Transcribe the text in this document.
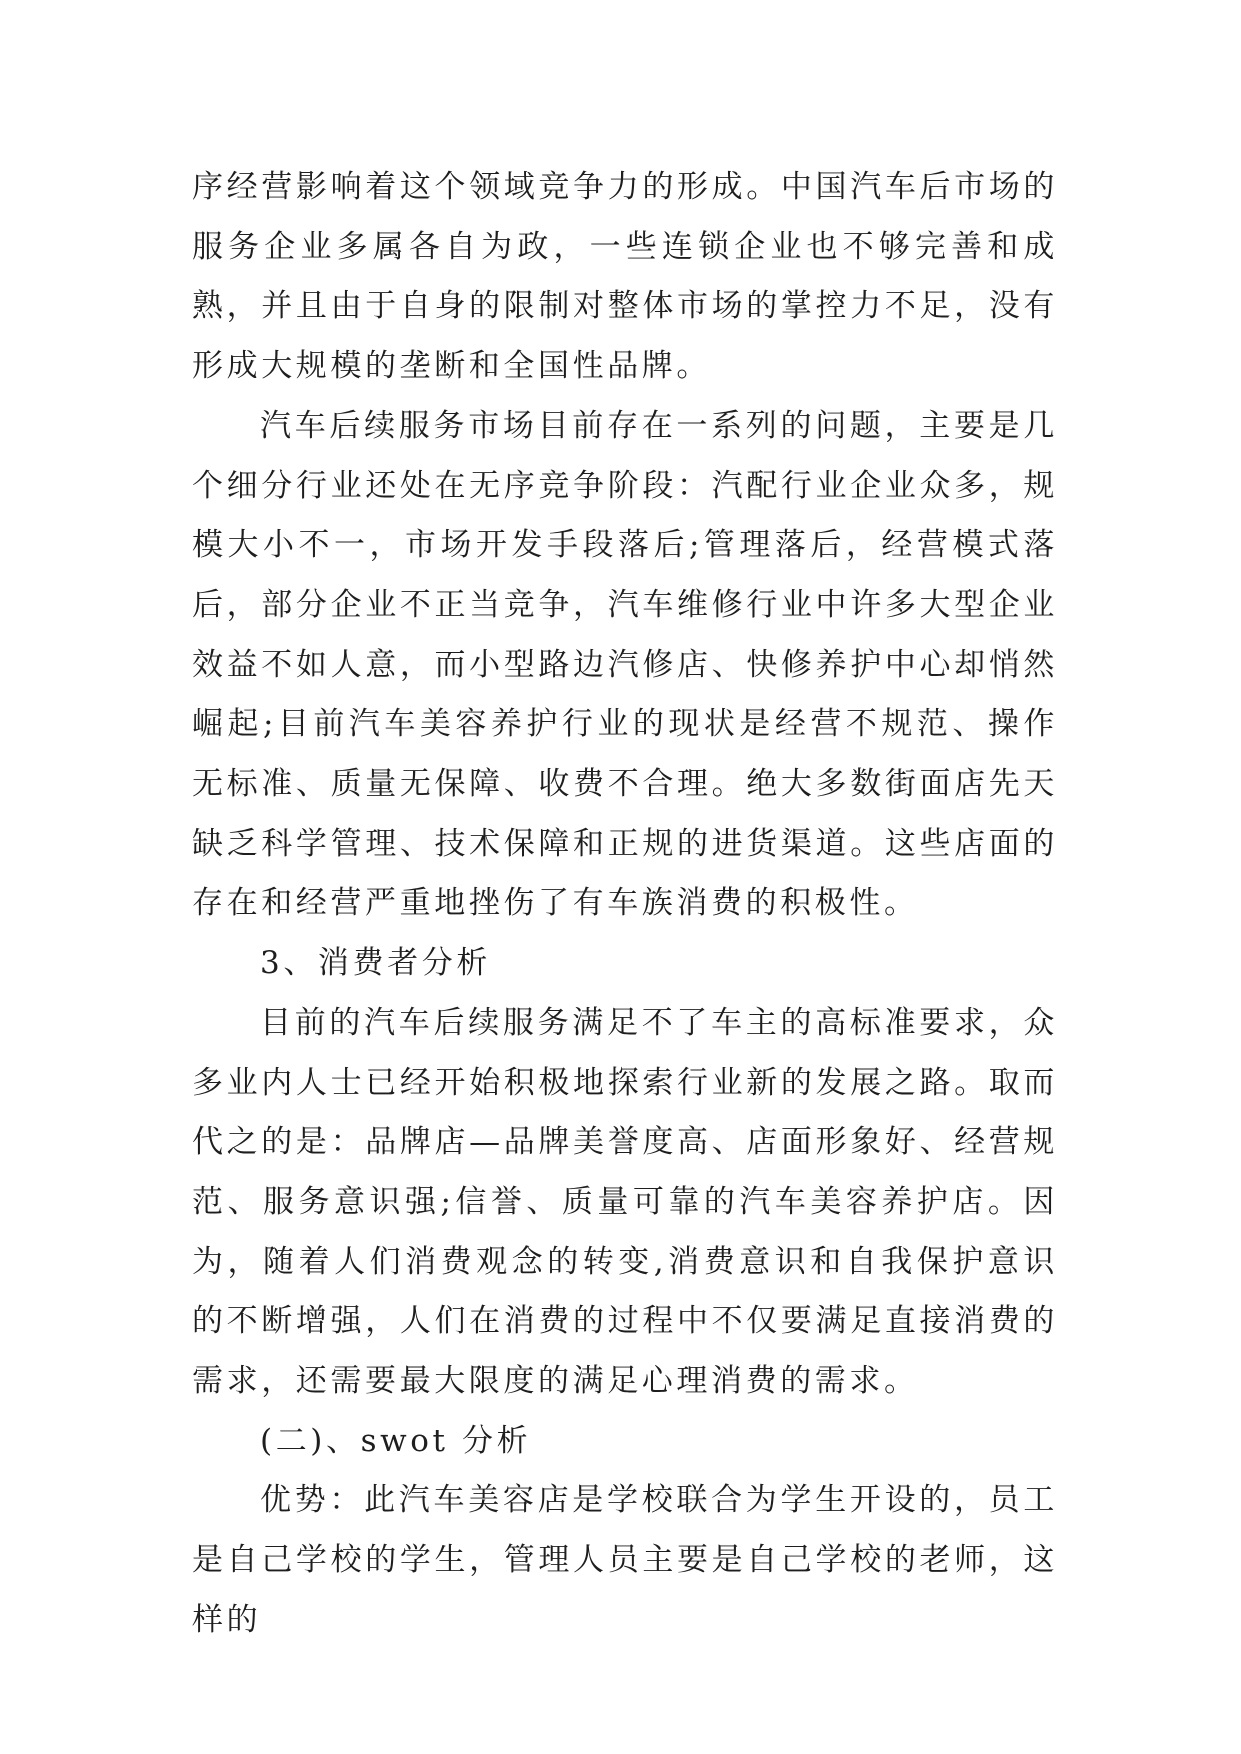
序经营影响着这个领域竞争力的形成。中国汽车后市场的服务企业多属各自为政，一些连锁企业也不够完善和成熟，并且由于自身的限制对整体市场的掌控力不足，没有形成大规模的垄断和全国性品牌。

汽车后续服务市场目前存在一系列的问题，主要是几个细分行业还处在无序竞争阶段：汽配行业企业众多，规模大小不一，市场开发手段落后;管理落后，经营模式落后，部分企业不正当竞争，汽车维修行业中许多大型企业效益不如人意，而小型路边汽修店、快修养护中心却悄然崛起;目前汽车美容养护行业的现状是经营不规范、操作无标准、质量无保障、收费不合理。绝大多数街面店先天缺乏科学管理、技术保障和正规的进货渠道。这些店面的存在和经营严重地挫伤了有车族消费的积极性。

3、消费者分析

目前的汽车后续服务满足不了车主的高标准要求，众多业内人士已经开始积极地探索行业新的发展之路。取而代之的是：品牌店—品牌美誉度高、店面形象好、经营规范、服务意识强;信誉、质量可靠的汽车美容养护店。因为，随着人们消费观念的转变,消费意识和自我保护意识的不断增强，人们在消费的过程中不仅要满足直接消费的需求，还需要最大限度的满足心理消费的需求。

(二)、swot 分析

优势：此汽车美容店是学校联合为学生开设的，员工是自己学校的学生，管理人员主要是自己学校的老师，这样的
